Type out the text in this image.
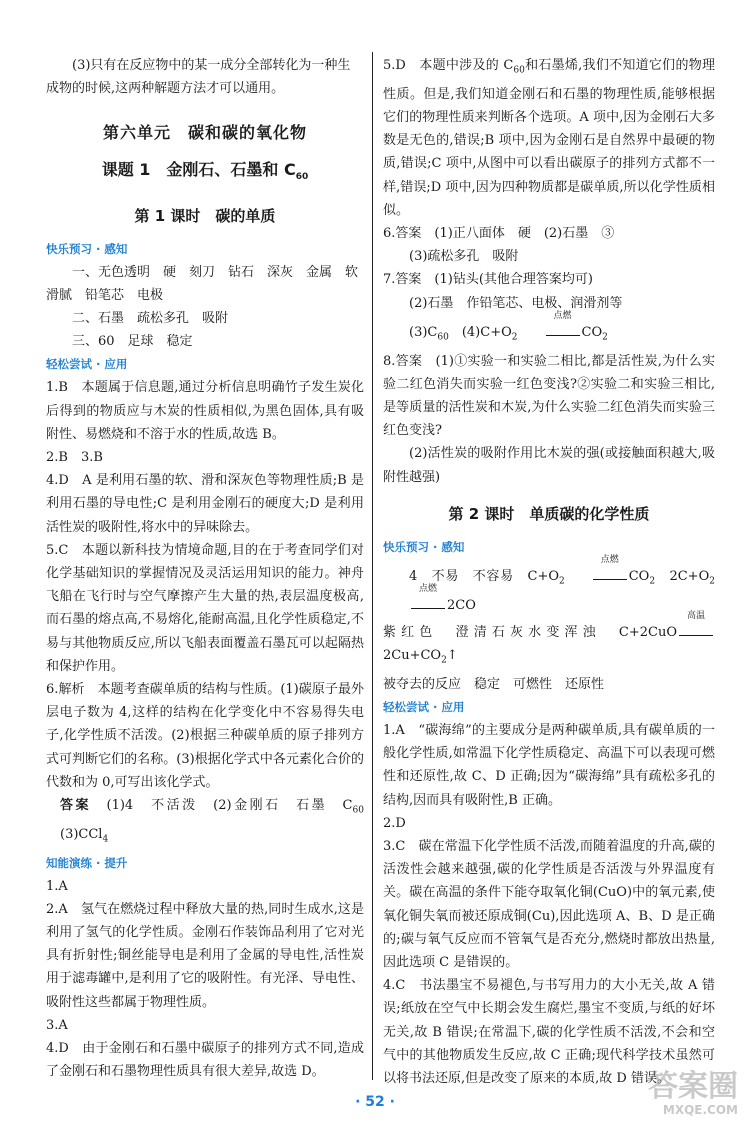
(3)只有在反应物中的某一成分全部转化为一种生

成物的时候,这两种解题方法才可以通用。

第六单元　碳和碳的氧化物
课题 1　金刚石、石墨和 $C_{60}$
第 1 课时　碳的单质
快乐预习 · 感知

一、无色透明　硬　刻刀　钻石　深灰　金属　软

滑腻　铅笔芯　电极

二、石墨　疏松多孔　吸附

三、60　足球　稳定

轻松尝试 · 应用

1.B　本题属于信息题,通过分析信息明确竹子发生炭化后得到的物质应与木炭的性质相似,为黑色固体,具有吸附性、易燃烧和不溶于水的性质,故选 B。

2.B　3.B

4.D　A 是利用石墨的软、滑和深灰色等物理性质;B 是利用石墨的导电性;C 是利用金刚石的硬度大;D 是利用活性炭的吸附性,将水中的异味除去。

5.C　本题以新科技为情境命题,目的在于考查同学们对化学基础知识的掌握情况及灵活运用知识的能力。神舟飞船在飞行时与空气摩擦产生大量的热,表层温度极高,而石墨的熔点高,不易熔化,能耐高温,且化学性质稳定,不易与其他物质反应,所以飞船表面覆盖石墨瓦可以起隔热和保护作用。

6.解析　本题考查碳单质的结构与性质。(1)碳原子最外层电子数为 4,这样的结构在化学变化中不容易得失电子,化学性质不活泼。(2)根据三种碳单质的原子排列方式可判断它们的名称。(3)根据化学式中各元素化合价的代数和为 0,可写出该化学式。

答案　 (1)4　不活泼　(2)金刚石　石墨　$C_{60}$　(3)CCl$_4$

知能演练 · 提升

1.A

2.A　氢气在燃烧过程中释放大量的热,同时生成水,这是利用了氢气的化学性质。金刚石作装饰品利用了它对光具有折射性;铜丝能导电是利用了金属的导电性,活性炭用于滤毒罐中,是利用了它的吸附性。有光泽、导电性、吸附性这些都属于物理性质。

3.A

4.D　由于金刚石和石墨中碳原子的排列方式不同,造成了金刚石和石墨物理性质具有很大差异,故选 D。

5.D　本题中涉及的 $C_{60}$和石墨烯,我们不知道它们的物理性质。但是,我们知道金刚石和石墨的物理性质,能够根据它们的物理性质来判断各个选项。A 项中,因为金刚石大多数是无色的,错误;B 项中,因为金刚石是自然界中最硬的物质,错误;C 项中,从图中可以看出碳原子的排列方式都不一样,错误;D 项中,因为四种物质都是碳单质,所以化学性质相似。

6.答案　(1)正八面体　硬　(2)石墨　③

(3)疏松多孔　吸附

7.答案　(1)钻头(其他合理答案均可)

(2)石墨　作铅笔芯、电极、润滑剂等

$(3)C_{60}$　 $(4)C+O_2$
点燃
$CO_2$

8.答案　(1)①实验一和实验二相比,都是活性炭,为什么实验二红色消失而实验一红色变浅?②实验二和实验三相比,是等质量的活性炭和木炭,为什么实验二红色消失而实验三红色变浅?

(2)活性炭的吸附作用比木炭的强(或接触面积越大,吸附性越强)

第 2 课时　单质碳的化学性质
快乐预习 · 感知

4　不易　不容易　$C+O_2$
点燃
$CO_2$　 $2C+O_2$
点燃
2CO

紫红色　澄清石灰水变浑浊　C+2CuO
高温
$2Cu+CO_2↑$

被夺去的反应　稳定　可燃性　还原性

轻松尝试 · 应用

1.A　“碳海绵”的主要成分是两种碳单质,具有碳单质的一般化学性质,如常温下化学性质稳定、高温下可以表现可燃性和还原性,故 C、D 正确;因为“碳海绵”具有疏松多孔的结构,因而具有吸附性,B 正确。

2.D

3.C　碳在常温下化学性质不活泼,而随着温度的升高,碳的活泼性会越来越强,碳的化学性质是否活泼与外界温度有关。碳在高温的条件下能夺取氧化铜(CuO)中的氧元素,使氧化铜失氧而被还原成铜(Cu),因此选项 A、B、D 是正确的;碳与氧气反应而不管氧气是否充分,燃烧时都放出热量,因此选项 C 是错误的。

4.C　书法墨宝不易褪色,与书写用力的大小无关,故 A 错误;纸放在空气中长期会发生腐烂,墨宝不变质,与纸的好坏无关,故 B 错误;在常温下,碳的化学性质不活泼,不会和空气中的其他物质发生反应,故 C 正确;现代科学技术虽然可以将书法还原,但是改变了原来的本质,故 D 错误。

· 52 ·	答案圈
MXQE.COM
